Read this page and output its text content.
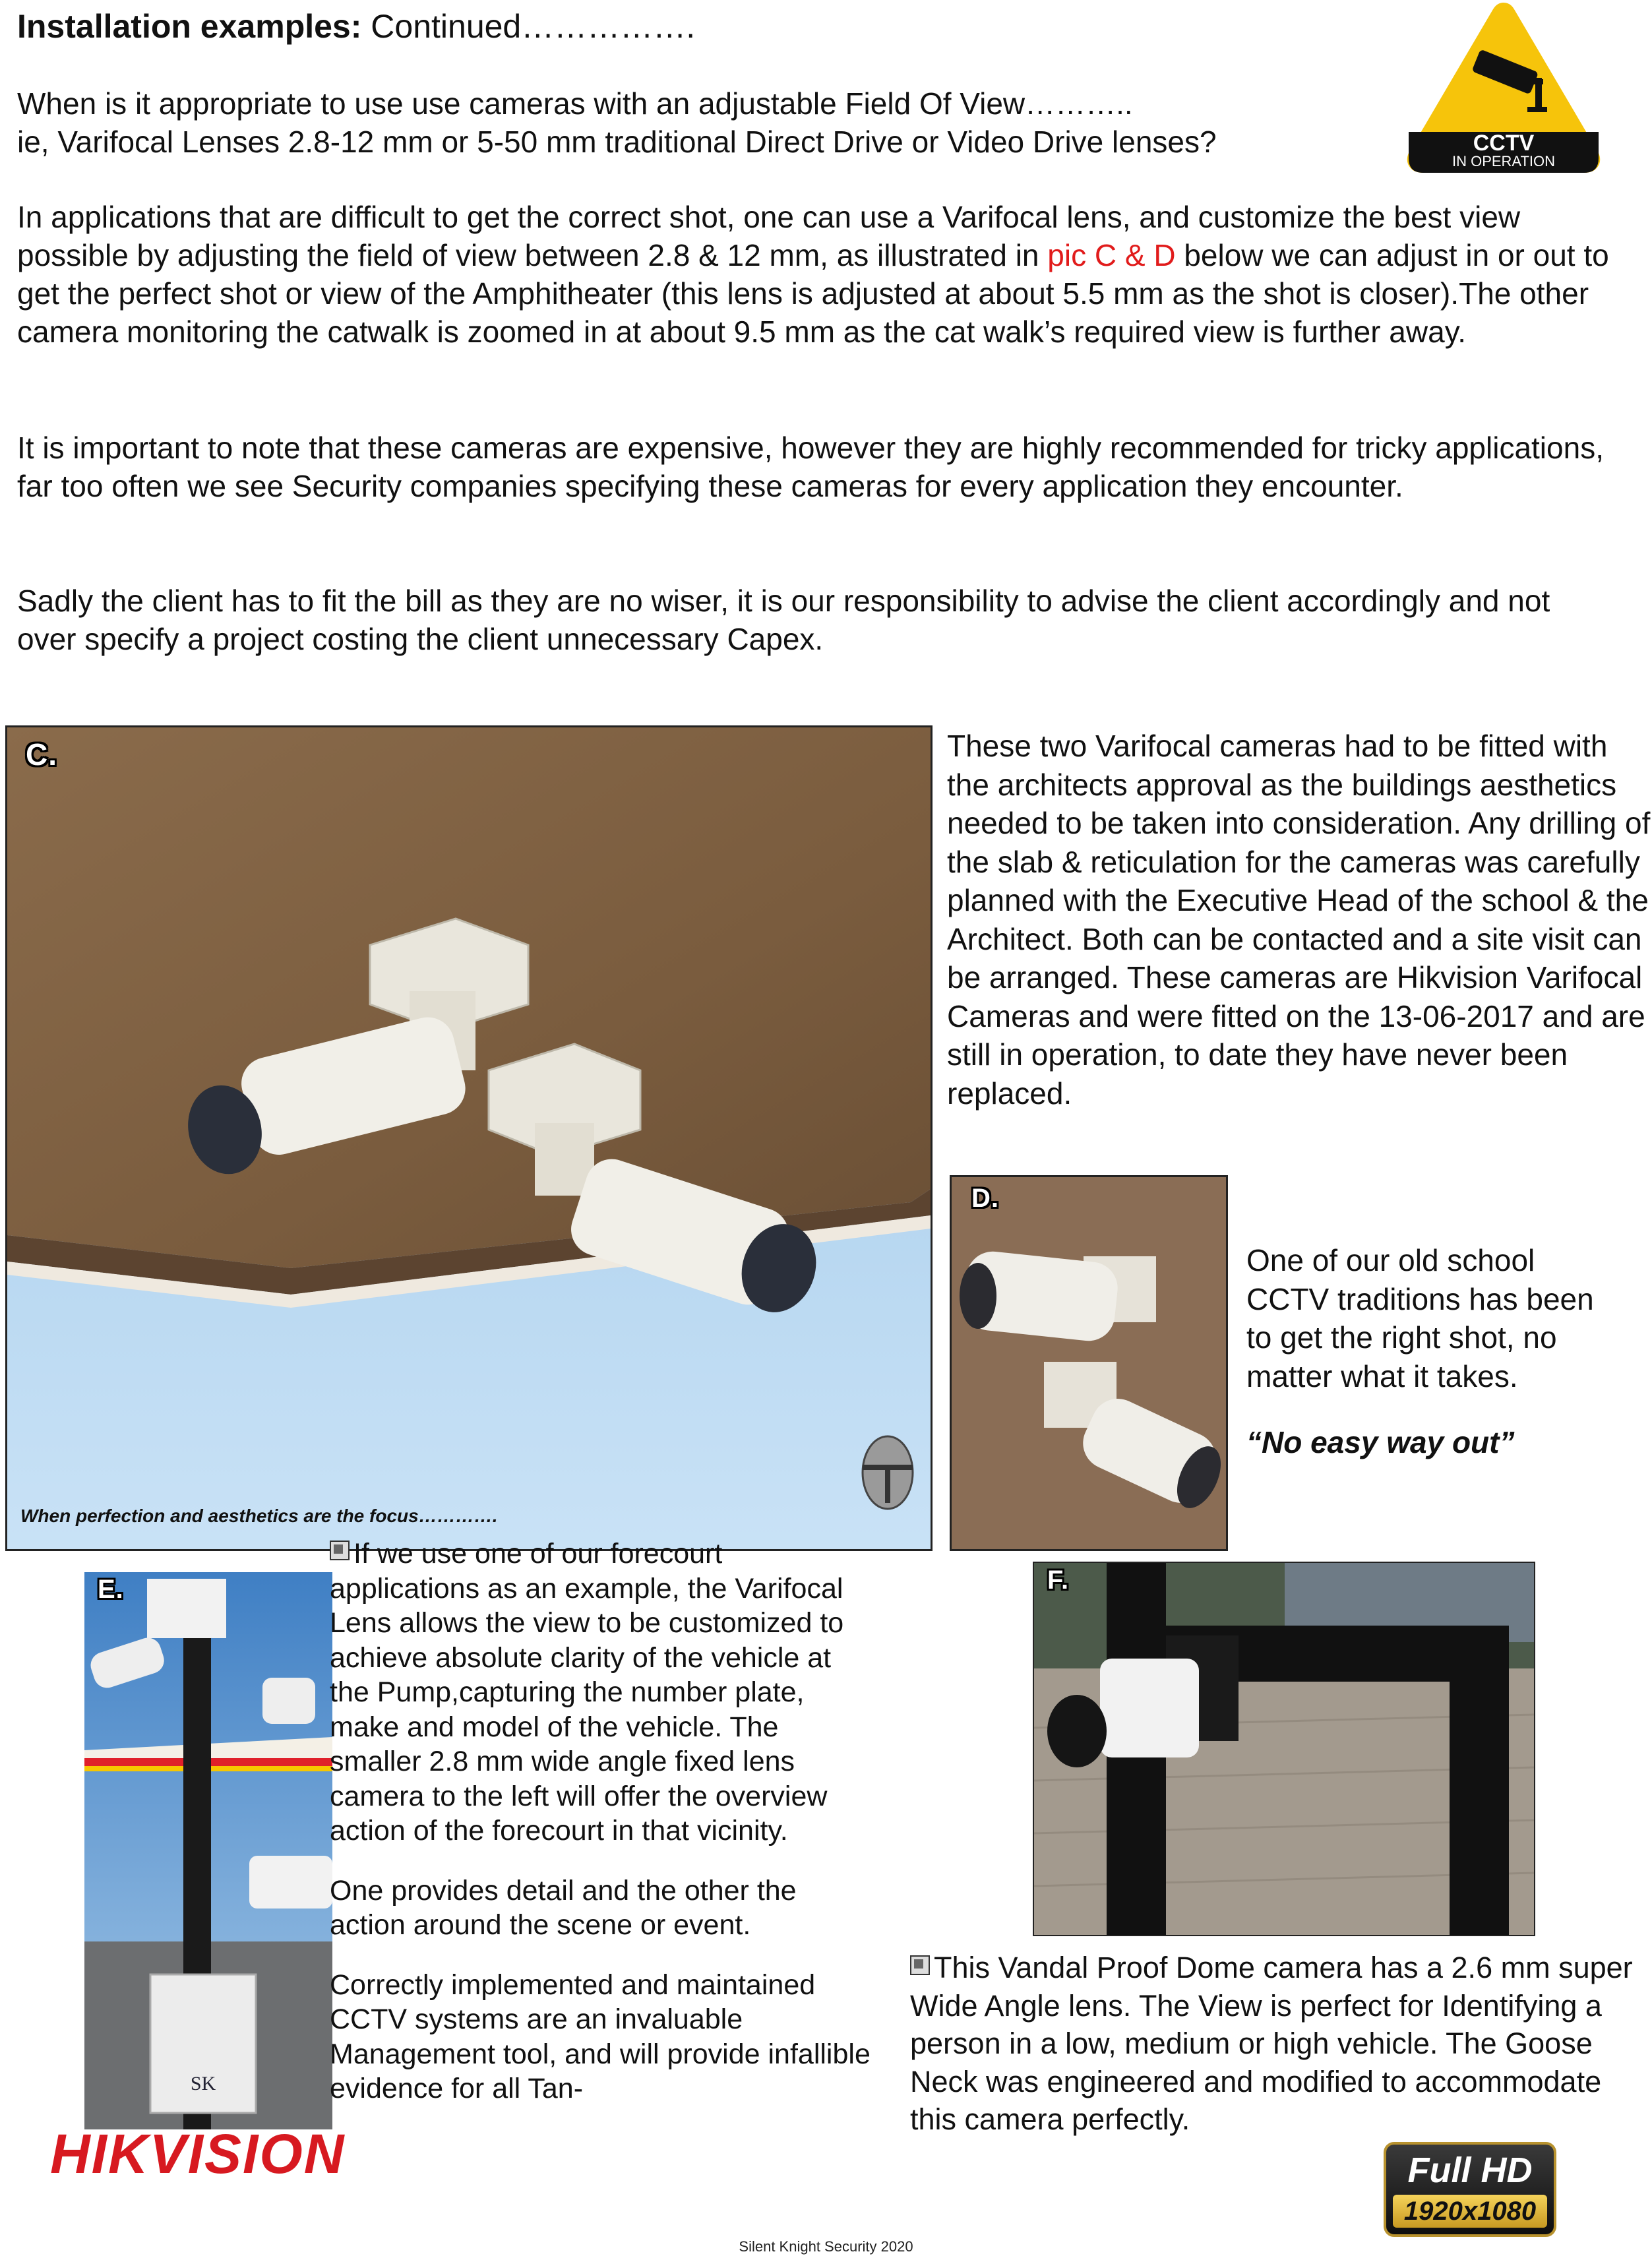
Installation examples: Continued…………….
When is it appropriate to use use cameras with an adjustable Field Of View………..
ie, Varifocal Lenses 2.8-12 mm or 5-50 mm traditional Direct Drive or Video Drive lenses?	CCTV
IN OPERATION
In applications that are difficult to get the correct shot, one can use a Varifocal lens, and customize the best view possible by adjusting the field of view between 2.8 & 12 mm, as illustrated in pic C & D below we can adjust in or out to get the perfect shot or view of the Amphitheater (this lens is adjusted at about 5.5 mm as the shot is closer).The other camera monitoring the catwalk is zoomed in at about 9.5 mm as the cat walk’s required view is further away.
It is important to note that these cameras are expensive, however they are highly recommended for tricky applications, far too often we see Security companies specifying these cameras for every application they encounter.
Sadly the client has to fit the bill as they are no wiser, it is our responsibility to advise the client accordingly and not over specify a project costing the client unnecessary Capex.
C.
When perfection and aesthetics are the focus………….
These two Varifocal cameras had to be fitted with the architects approval as the buildings aesthetics needed to be taken into consideration. Any drilling of the slab & reticulation for the cameras was carefully planned with the Executive Head of the school & the Architect. Both can be contacted and a site visit can be arranged. These cameras are Hikvision Varifocal Cameras and were fitted on the 13-06-2017 and are still in operation, to date they have never been replaced.
D.
One of our old school CCTV traditions has been to get the right shot, no matter what it takes.
“No easy way out”
SK
E.
If we use one of our forecourt applications as an example, the Varifocal Lens allows the view to be customized to achieve absolute clarity of the vehicle at the Pump,capturing the number plate, make and model of the vehicle. The smaller 2.8 mm wide angle fixed lens camera to the left will offer the overview action of the forecourt in that vicinity.
One provides detail and the other the action around the scene or event.
Correctly implemented and maintained CCTV systems are an invaluable Management tool, and will provide infallible evidence for all Tan-
F.
This Vandal Proof Dome camera has a 2.6 mm super Wide Angle lens. The View is perfect for Identifying a person in a low, medium or high vehicle. The Goose Neck was engineered and modified to accommodate this camera perfectly.
HIKVISION	Full HD
1920x1080
Silent Knight Security 2020
